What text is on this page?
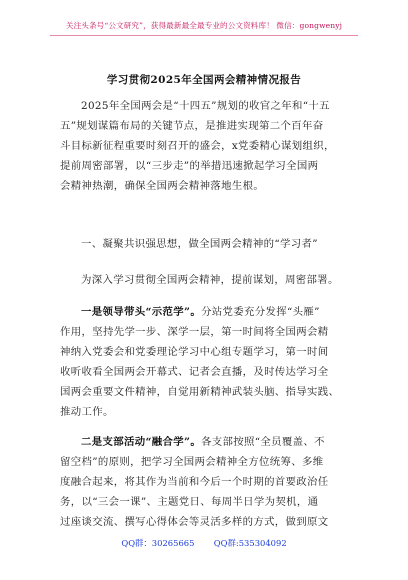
关注头条号“公文研究”，获得最新最全最专业的公文资料库！ 微信：gongwenyj
学习贯彻2025年全国两会精神情况报告
2025年全国两会是“十四五”规划的收官之年和“十五
五”规划谋篇布局的关键节点，是推进实现第二个百年奋
斗目标新征程重要时刻召开的盛会，x党委精心谋划组织，
提前周密部署，以“三步走”的举措迅速掀起学习全国两
会精神热潮，确保全国两会精神落地生根。
一、凝聚共识强思想，做全国两会精神的“学习者”
为深入学习贯彻全国两会精神，提前谋划，周密部署。
一是领导带头“示范学”。分站党委充分发挥“头雁”
作用，坚持先学一步、深学一层，第一时间将全国两会精
神纳入党委会和党委理论学习中心组专题学习，第一时间
收听收看全国两会开幕式、记者会直播，及时传达学习全
国两会重要文件精神，自觉用新精神武装头脑、指导实践、
推动工作。
二是支部活动“融合学”。各支部按照“全员覆盖、不
留空档”的原则，把学习全国两会精神全方位统筹、多维
度融合起来，将其作为当前和今后一个时期的首要政治任
务，以“三会一课”、主题党日、每周半日学为契机，通
过座谈交流、撰写心得体会等灵活多样的方式，做到原文
QQ群：30265665 QQ群:535304092
